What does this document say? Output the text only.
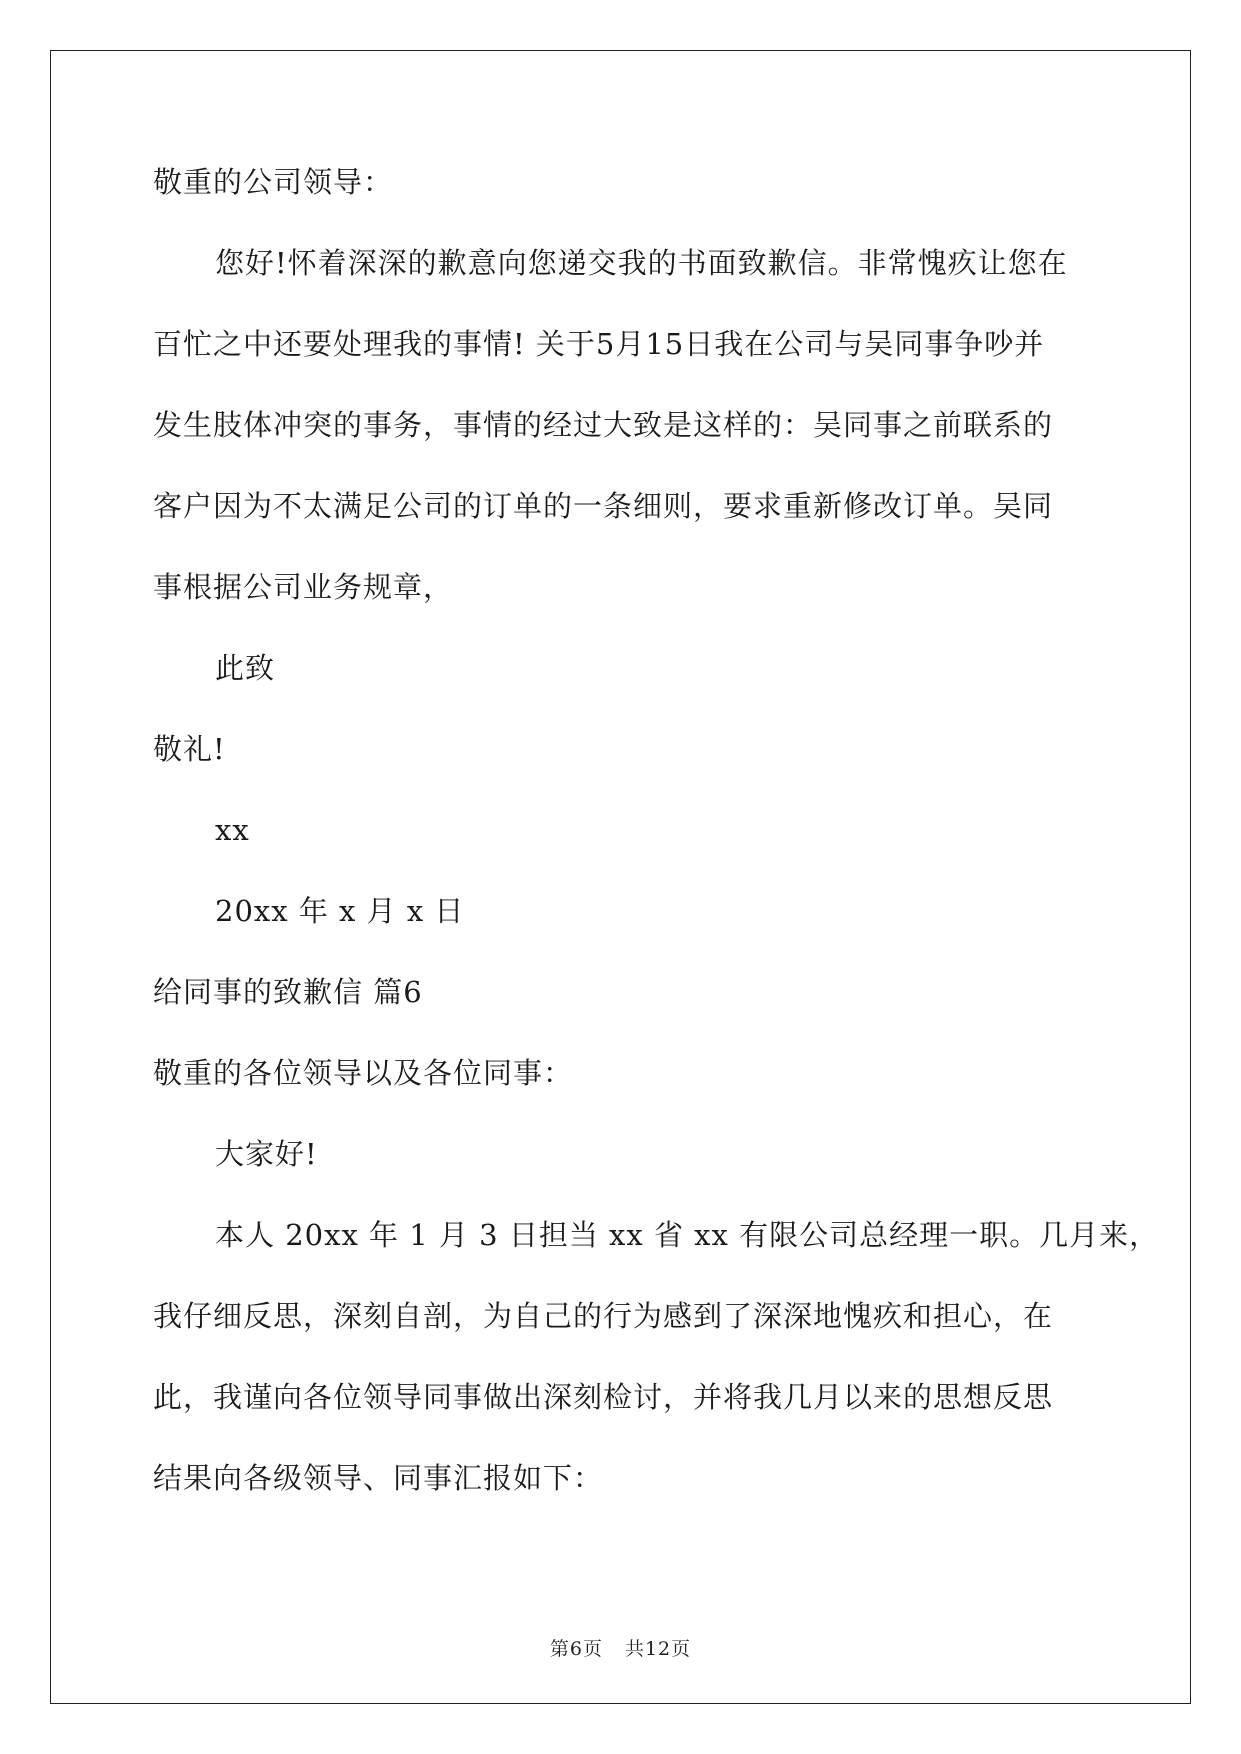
敬重的公司领导：
您好!怀着深深的歉意向您递交我的书面致歉信。非常愧疚让您在
百忙之中还要处理我的事情! 关于5月15日我在公司与吴同事争吵并
发生肢体冲突的事务，事情的经过大致是这样的：吴同事之前联系的
客户因为不太满足公司的订单的一条细则，要求重新修改订单。吴同
事根据公司业务规章，
此致
敬礼!
xx
20xx 年 x 月 x 日
给同事的致歉信 篇6
敬重的各位领导以及各位同事：
大家好!
本人 20xx 年 1 月 3 日担当 xx 省 xx 有限公司总经理一职。几月来，
我仔细反思，深刻自剖，为自己的行为感到了深深地愧疚和担心，在
此，我谨向各位领导同事做出深刻检讨，并将我几月以来的思想反思
结果向各级领导、同事汇报如下：
第6页 共12页
